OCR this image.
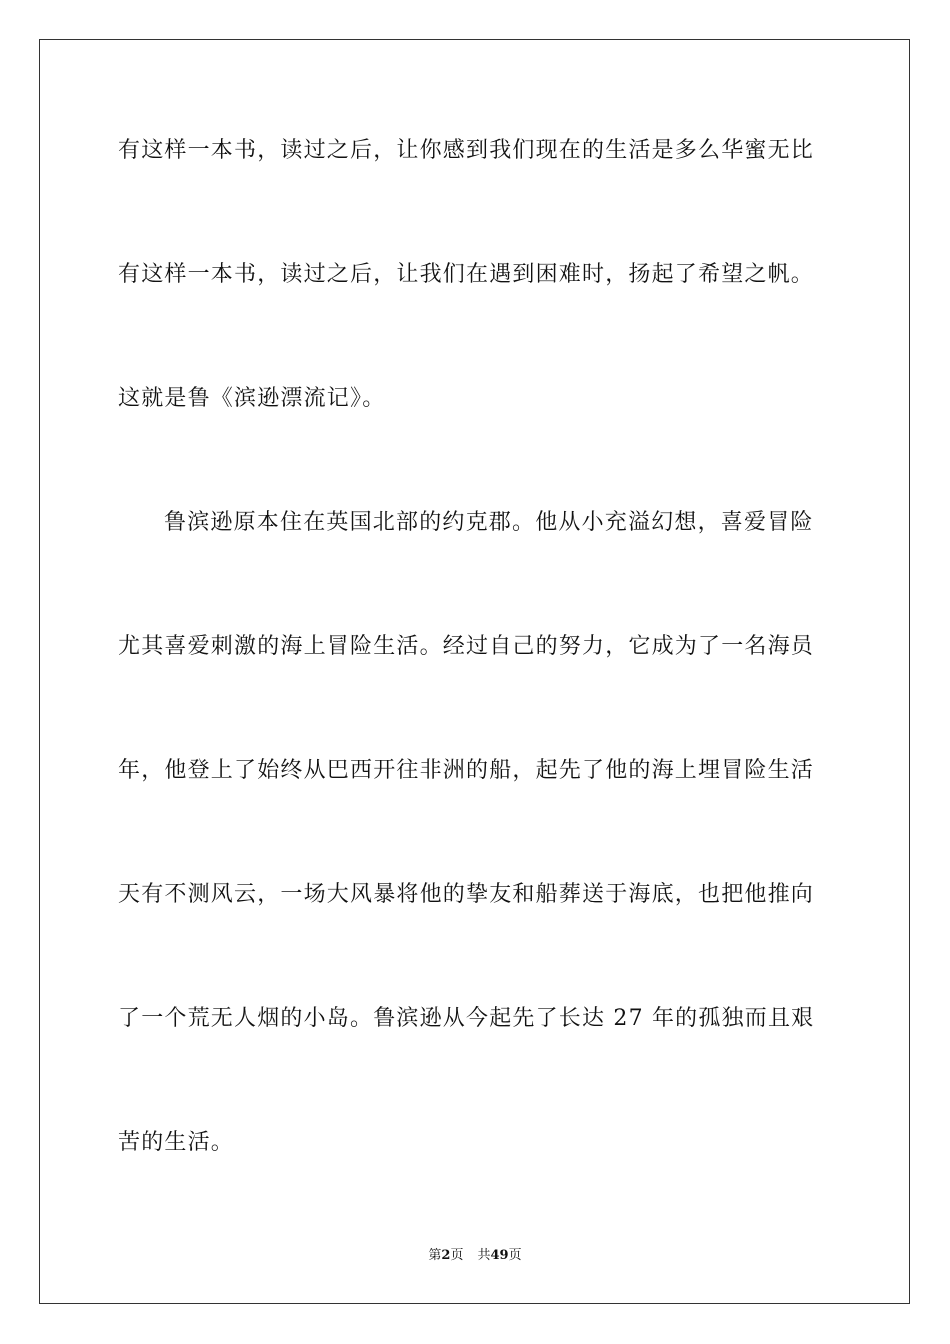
有这样一本书，读过之后，让你感到我们现在的生活是多么华蜜无比
有这样一本书，读过之后，让我们在遇到困难时，扬起了希望之帆。
这就是鲁《滨逊漂流记》。
鲁滨逊原本住在英国北部的约克郡。他从小充溢幻想，喜爱冒险
尤其喜爱刺激的海上冒险生活。经过自己的努力，它成为了一名海员
年，他登上了始终从巴西开往非洲的船，起先了他的海上埋冒险生活
天有不测风云，一场大风暴将他的挚友和船葬送于海底，也把他推向
了一个荒无人烟的小岛。鲁滨逊从今起先了长达 27 年的孤独而且艰
苦的生活。
第2页 共49页
